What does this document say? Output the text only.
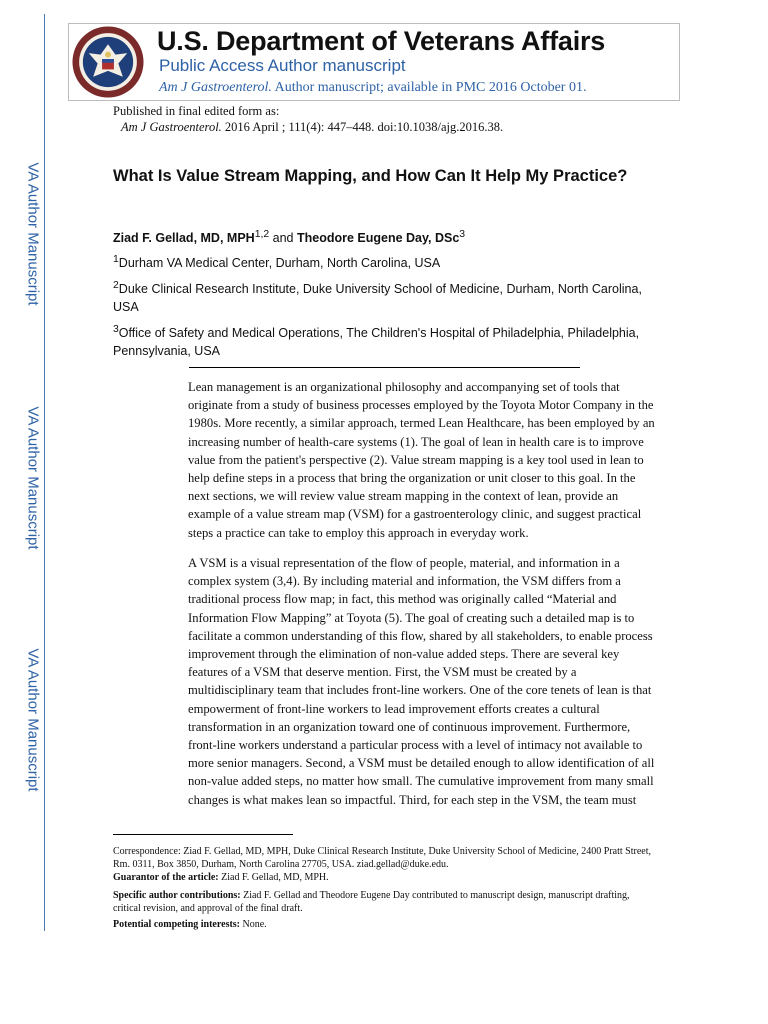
VA Author Manuscript
VA Author Manuscript
VA Author Manuscript
U.S. Department of Veterans Affairs
Public Access Author manuscript
Am J Gastroenterol. Author manuscript; available in PMC 2016 October 01.
Published in final edited form as:
Am J Gastroenterol. 2016 April ; 111(4): 447–448. doi:10.1038/ajg.2016.38.
What Is Value Stream Mapping, and How Can It Help My Practice?
Ziad F. Gellad, MD, MPH$^{1,2}$ and Theodore Eugene Day, DSc$^3$
$^1$Durham VA Medical Center, Durham, North Carolina, USA
$^2$Duke Clinical Research Institute, Duke University School of Medicine, Durham, North Carolina, USA
$^3$Office of Safety and Medical Operations, The Children's Hospital of Philadelphia, Philadelphia, Pennsylvania, USA
Lean management is an organizational philosophy and accompanying set of tools that originate from a study of business processes employed by the Toyota Motor Company in the 1980s. More recently, a similar approach, termed Lean Healthcare, has been employed by an increasing number of health-care systems (1). The goal of lean in health care is to improve value from the patient's perspective (2). Value stream mapping is a key tool used in lean to help define steps in a process that bring the organization or unit closer to this goal. In the next sections, we will review value stream mapping in the context of lean, provide an example of a value stream map (VSM) for a gastroenterology clinic, and suggest practical steps a practice can take to employ this approach in everyday work.
A VSM is a visual representation of the flow of people, material, and information in a complex system (3,4). By including material and information, the VSM differs from a traditional process flow map; in fact, this method was originally called “Material and Information Flow Mapping” at Toyota (5). The goal of creating such a detailed map is to facilitate a common understanding of this flow, shared by all stakeholders, to enable process improvement through the elimination of non-value added steps. There are several key features of a VSM that deserve mention. First, the VSM must be created by a multidisciplinary team that includes front-line workers. One of the core tenets of lean is that empowerment of front-line workers to lead improvement efforts creates a cultural transformation in an organization toward one of continuous improvement. Furthermore, front-line workers understand a particular process with a level of intimacy not available to more senior managers. Second, a VSM must be detailed enough to allow identification of all non-value added steps, no matter how small. The cumulative improvement from many small changes is what makes lean so impactful. Third, for each step in the VSM, the team must
Correspondence: Ziad F. Gellad, MD, MPH, Duke Clinical Research Institute, Duke University School of Medicine, 2400 Pratt Street, Rm. 0311, Box 3850, Durham, North Carolina 27705, USA. ziad.gellad@duke.edu.
Guarantor of the article: Ziad F. Gellad, MD, MPH.
Specific author contributions: Ziad F. Gellad and Theodore Eugene Day contributed to manuscript design, manuscript drafting, critical revision, and approval of the final draft.
Potential competing interests: None.
